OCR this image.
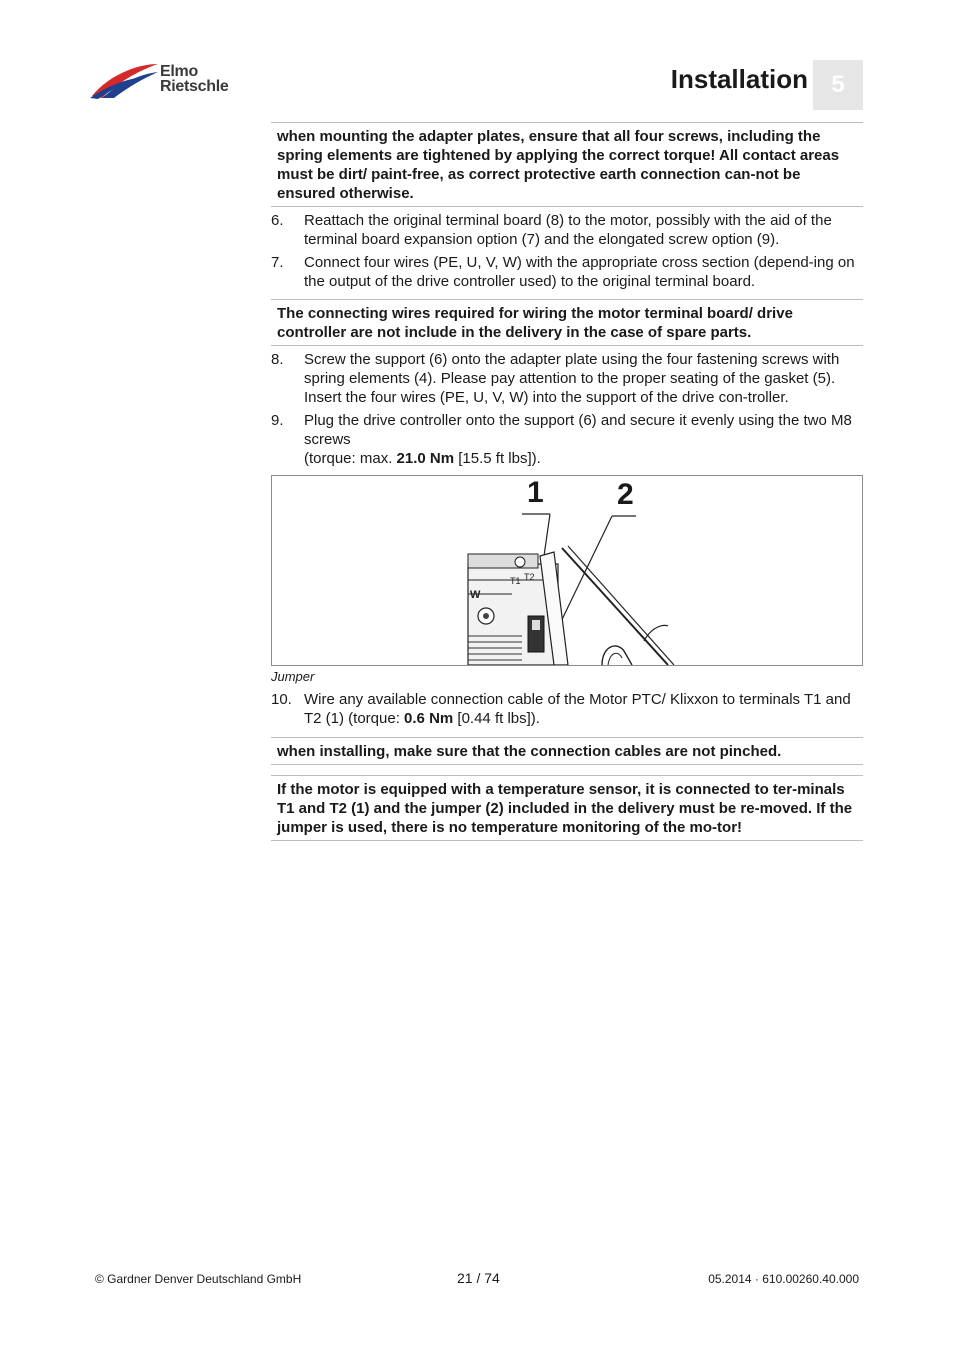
Elmo
Rietschle	Installation 5
when mounting the adapter plates, ensure that all four screws, including the spring elements are tightened by applying the correct torque! All contact areas must be dirt/ paint-free, as correct protective earth connection can-not be ensured otherwise.
6.	Reattach the original terminal board (8) to the motor, possibly with the aid of the terminal board expansion option (7) and the elongated screw option (9).
7.	Connect four wires (PE, U, V, W) with the appropriate cross section (depend-ing on the output of the drive controller used) to the original terminal board.
The connecting wires required for wiring the motor terminal board/ drive controller are not include in the delivery in the case of spare parts.
8.	Screw the support (6) onto the adapter plate using the four fastening screws with spring elements (4). Please pay attention to the proper seating of the gasket (5). Insert the four wires (PE, U, V, W) into the support of the drive con-troller.
9.	Plug the drive controller onto the support (6) and secure it evenly using the two M8 screws
(torque: max. 21.0 Nm [15.5 ft lbs]).
1 2
T1 T2
W
Jumper
10. Wire any available connection cable of the Motor PTC/ Klixxon to terminals T1 and T2 (1) (torque: 0.6 Nm [0.44 ft lbs]).
when installing, make sure that the connection cables are not pinched.
If the motor is equipped with a temperature sensor, it is connected to ter-minals T1 and T2 (1) and the jumper (2) included in the delivery must be re-moved. If the jumper is used, there is no temperature monitoring of the mo-tor!
© Gardner Denver Deutschland GmbH	21 / 74	05.2014 · 610.00260.40.000
